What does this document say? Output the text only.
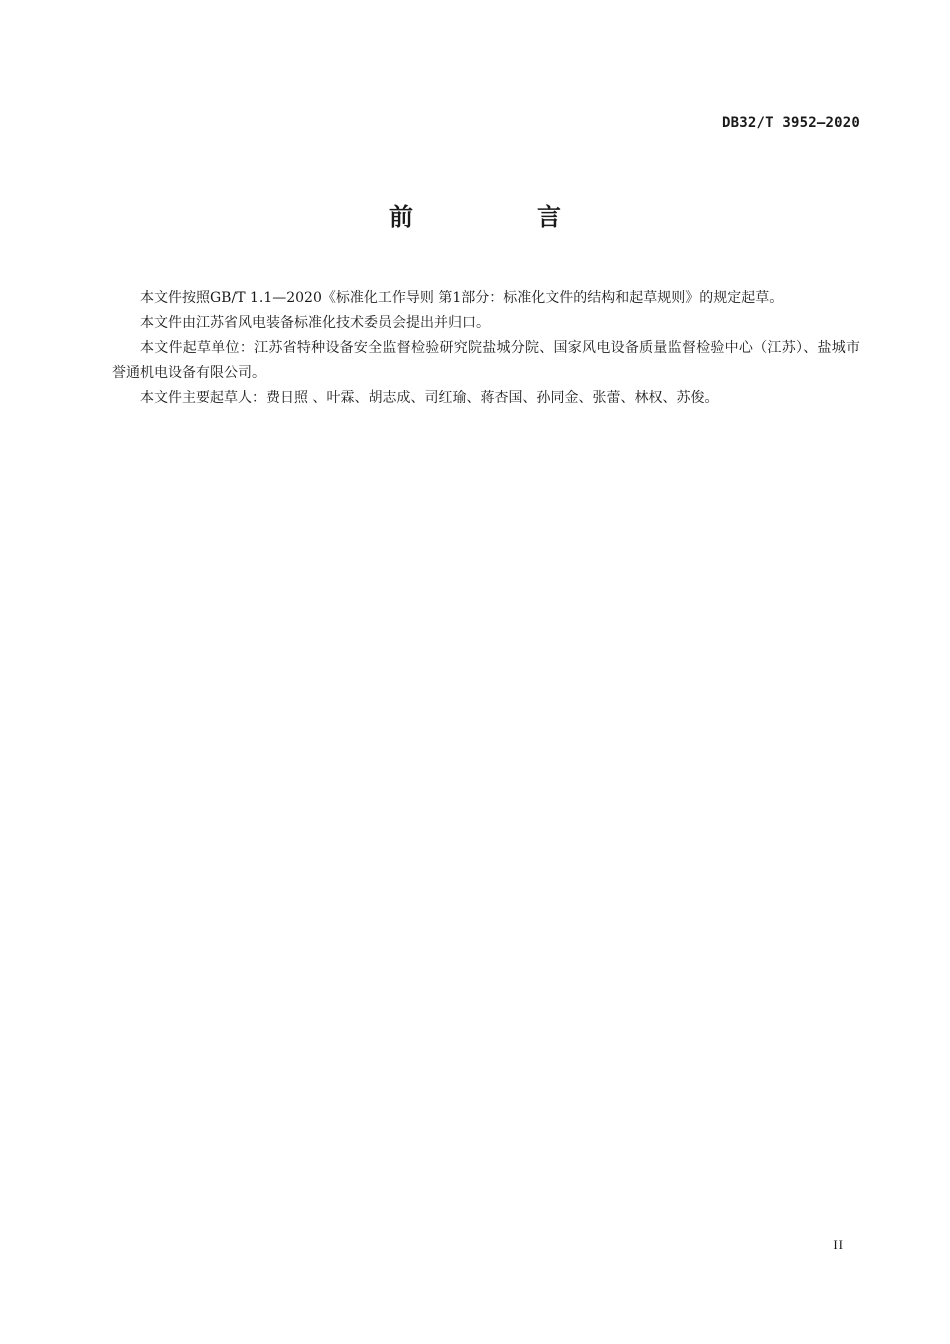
DB32/T 3952—2020
前　言

本文件按照GB/T 1.1—2020《标准化工作导则 第1部分：标准化文件的结构和起草规则》的规定起草。

本文件由江苏省风电装备标准化技术委员会提出并归口。

本文件起草单位：江苏省特种设备安全监督检验研究院盐城分院、国家风电设备质量监督检验中心（江苏）、盐城市誉通机电设备有限公司。

本文件主要起草人：费日照 、叶霖、胡志成、司红瑜、蒋杏国、孙同金、张蕾、林权、苏俊。

II
